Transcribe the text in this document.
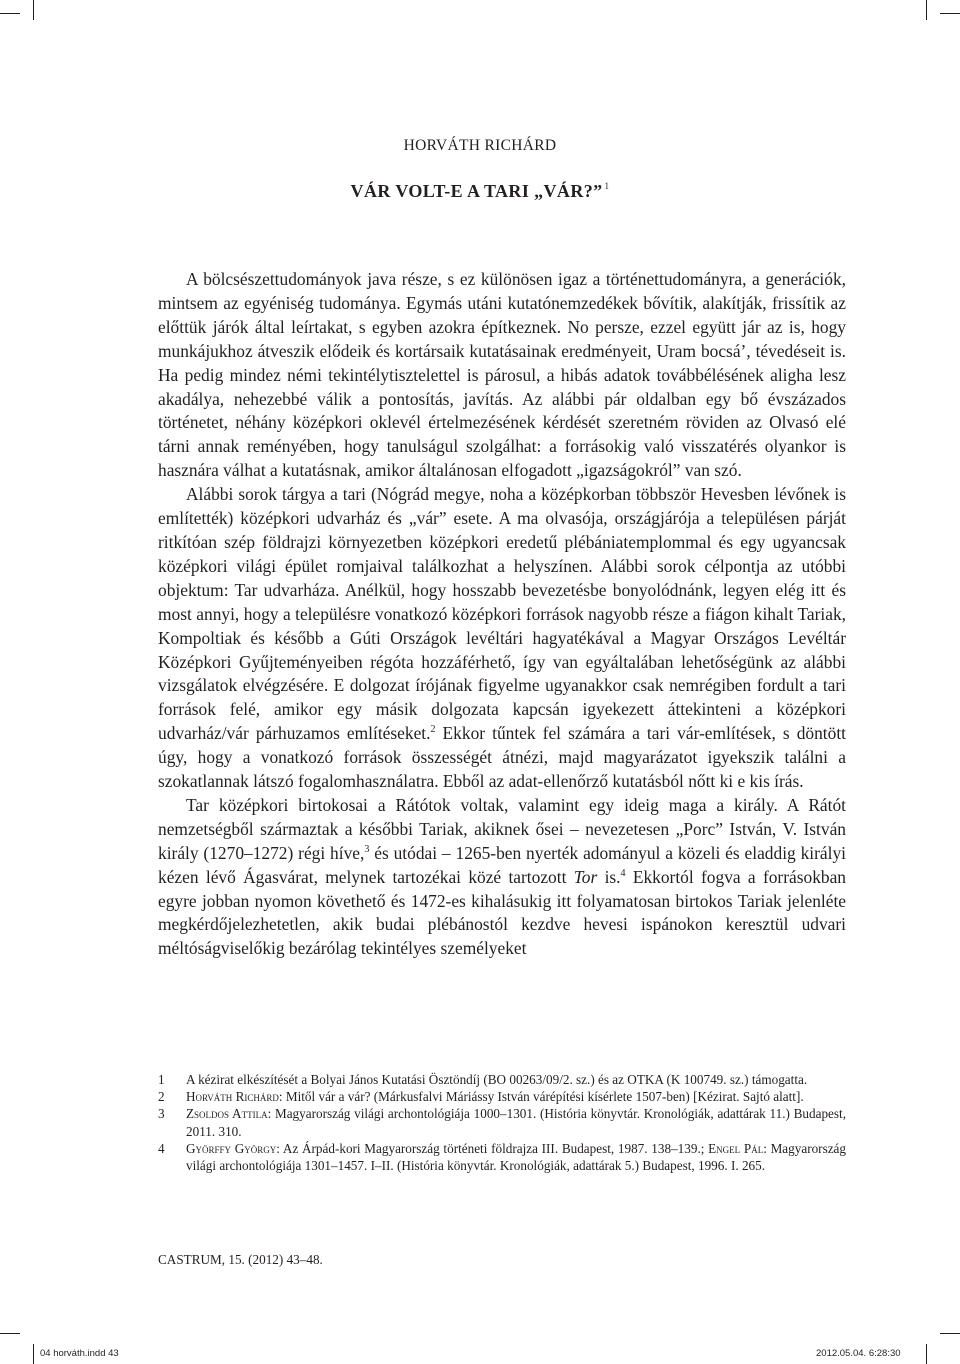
HORVÁTH RICHÁRD
VÁR VOLT-E A TARI „VÁR?” $^1$

A bölcsészettudományok java része, s ez különösen igaz a történettudományra, a generációk, mintsem az egyéniség tudománya. Egymás utáni kutatónemzedékek bővítik, alakítják, frissítik az előttük járók által leírtakat, s egyben azokra építkeznek. No persze, ezzel együtt jár az is, hogy munkájukhoz átveszik elődeik és kortársaik kutatásainak eredményeit, Uram bocsá’, tévedéseit is. Ha pedig mindez némi tekintélytisztelettel is párosul, a hibás adatok továbbélésének aligha lesz akadálya, nehezebbé válik a pontosítás, javítás. Az alábbi pár oldalban egy bő évszázados történetet, néhány középkori oklevél értelmezésének kérdését szeretném röviden az Olvasó elé tárni annak reményében, hogy tanulságul szolgálhat: a forrásokig való visszatérés olyankor is hasznára válhat a kutatásnak, amikor általánosan elfogadott „igazságokról” van szó.

Alábbi sorok tárgya a tari (Nógrád megye, noha a középkorban többször Hevesben lévőnek is említették) középkori udvarház és „vár” esete. A ma olvasója, országjárója a településen párját ritkítóan szép földrajzi környezetben középkori eredetű plébániatemplommal és egy ugyancsak középkori világi épület romjaival találkozhat a helyszínen. Alábbi sorok célpontja az utóbbi objektum: Tar udvarháza. Anélkül, hogy hosszabb bevezetésbe bonyolódnánk, legyen elég itt és most annyi, hogy a településre vonatkozó középkori források nagyobb része a fiágon kihalt Tariak, Kompoltiak és később a Gúti Országok levéltári hagyatékával a Magyar Országos Levéltár Középkori Gyűjteményeiben régóta hozzáférhető, így van egyáltalában lehetőségünk az alábbi vizsgálatok elvégzésére. E dolgozat írójának figyelme ugyanakkor csak nemrégiben fordult a tari források felé, amikor egy másik dolgozata kapcsán igyekezett áttekinteni a középkori udvarház/vár párhuzamos említéseket.$^2$ Ekkor tűntek fel számára a tari vár-említések, s döntött úgy, hogy a vonatkozó források összességét átnézi, majd magyarázatot igyekszik találni a szokatlannak látszó fogalomhasználatra. Ebből az adat-ellenőrző kutatásból nőtt ki e kis írás.

Tar középkori birtokosai a Rátótok voltak, valamint egy ideig maga a király. A Rátót nemzetségből származtak a későbbi Tariak, akiknek ősei – nevezetesen „Porc” István, V. István király (1270–1272) régi híve,$^3$ és utódai – 1265-ben nyerték adományul a közeli és eladdig királyi kézen lévő Ágasvárat, melynek tartozékai közé tartozott Tor is.$^4$ Ekkortól fogva a forrásokban egyre jobban nyomon követhető és 1472-es kihalásukig itt folyamatosan birtokos Tariak jelenléte megkérdőjelezhetetlen, akik budai plébánostól kezdve hevesi ispánokon keresztül udvari méltóságviselőkig bezárólag tekintélyes személyeket

1 A kézirat elkészítését a Bolyai János Kutatási Ösztöndíj (BO 00263/09/2. sz.) és az OTKA (K 100749. sz.) támogatta.
2 Horváth Richárd: Mitől vár a vár? (Márkusfalvi Máriássy István várépítési kísérlete 1507-ben) [Kézirat. Sajtó alatt].
3 Zsoldos Attila: Magyarország világi archontológiája 1000–1301. (História könyvtár. Kronológiák, adattárak 11.) Budapest, 2011. 310.
4 Györffy György: Az Árpád-kori Magyarország történeti földrajza III. Budapest, 1987. 138–139.; Engel Pál: Magyarország világi archontológiája 1301–1457. I–II. (História könyvtár. Kronológiák, adattárak 5.) Budapest, 1996. I. 265.
CASTRUM, 15. (2012) 43–48.
04 horváth.indd 43	2012.05.04. 6:28:30
